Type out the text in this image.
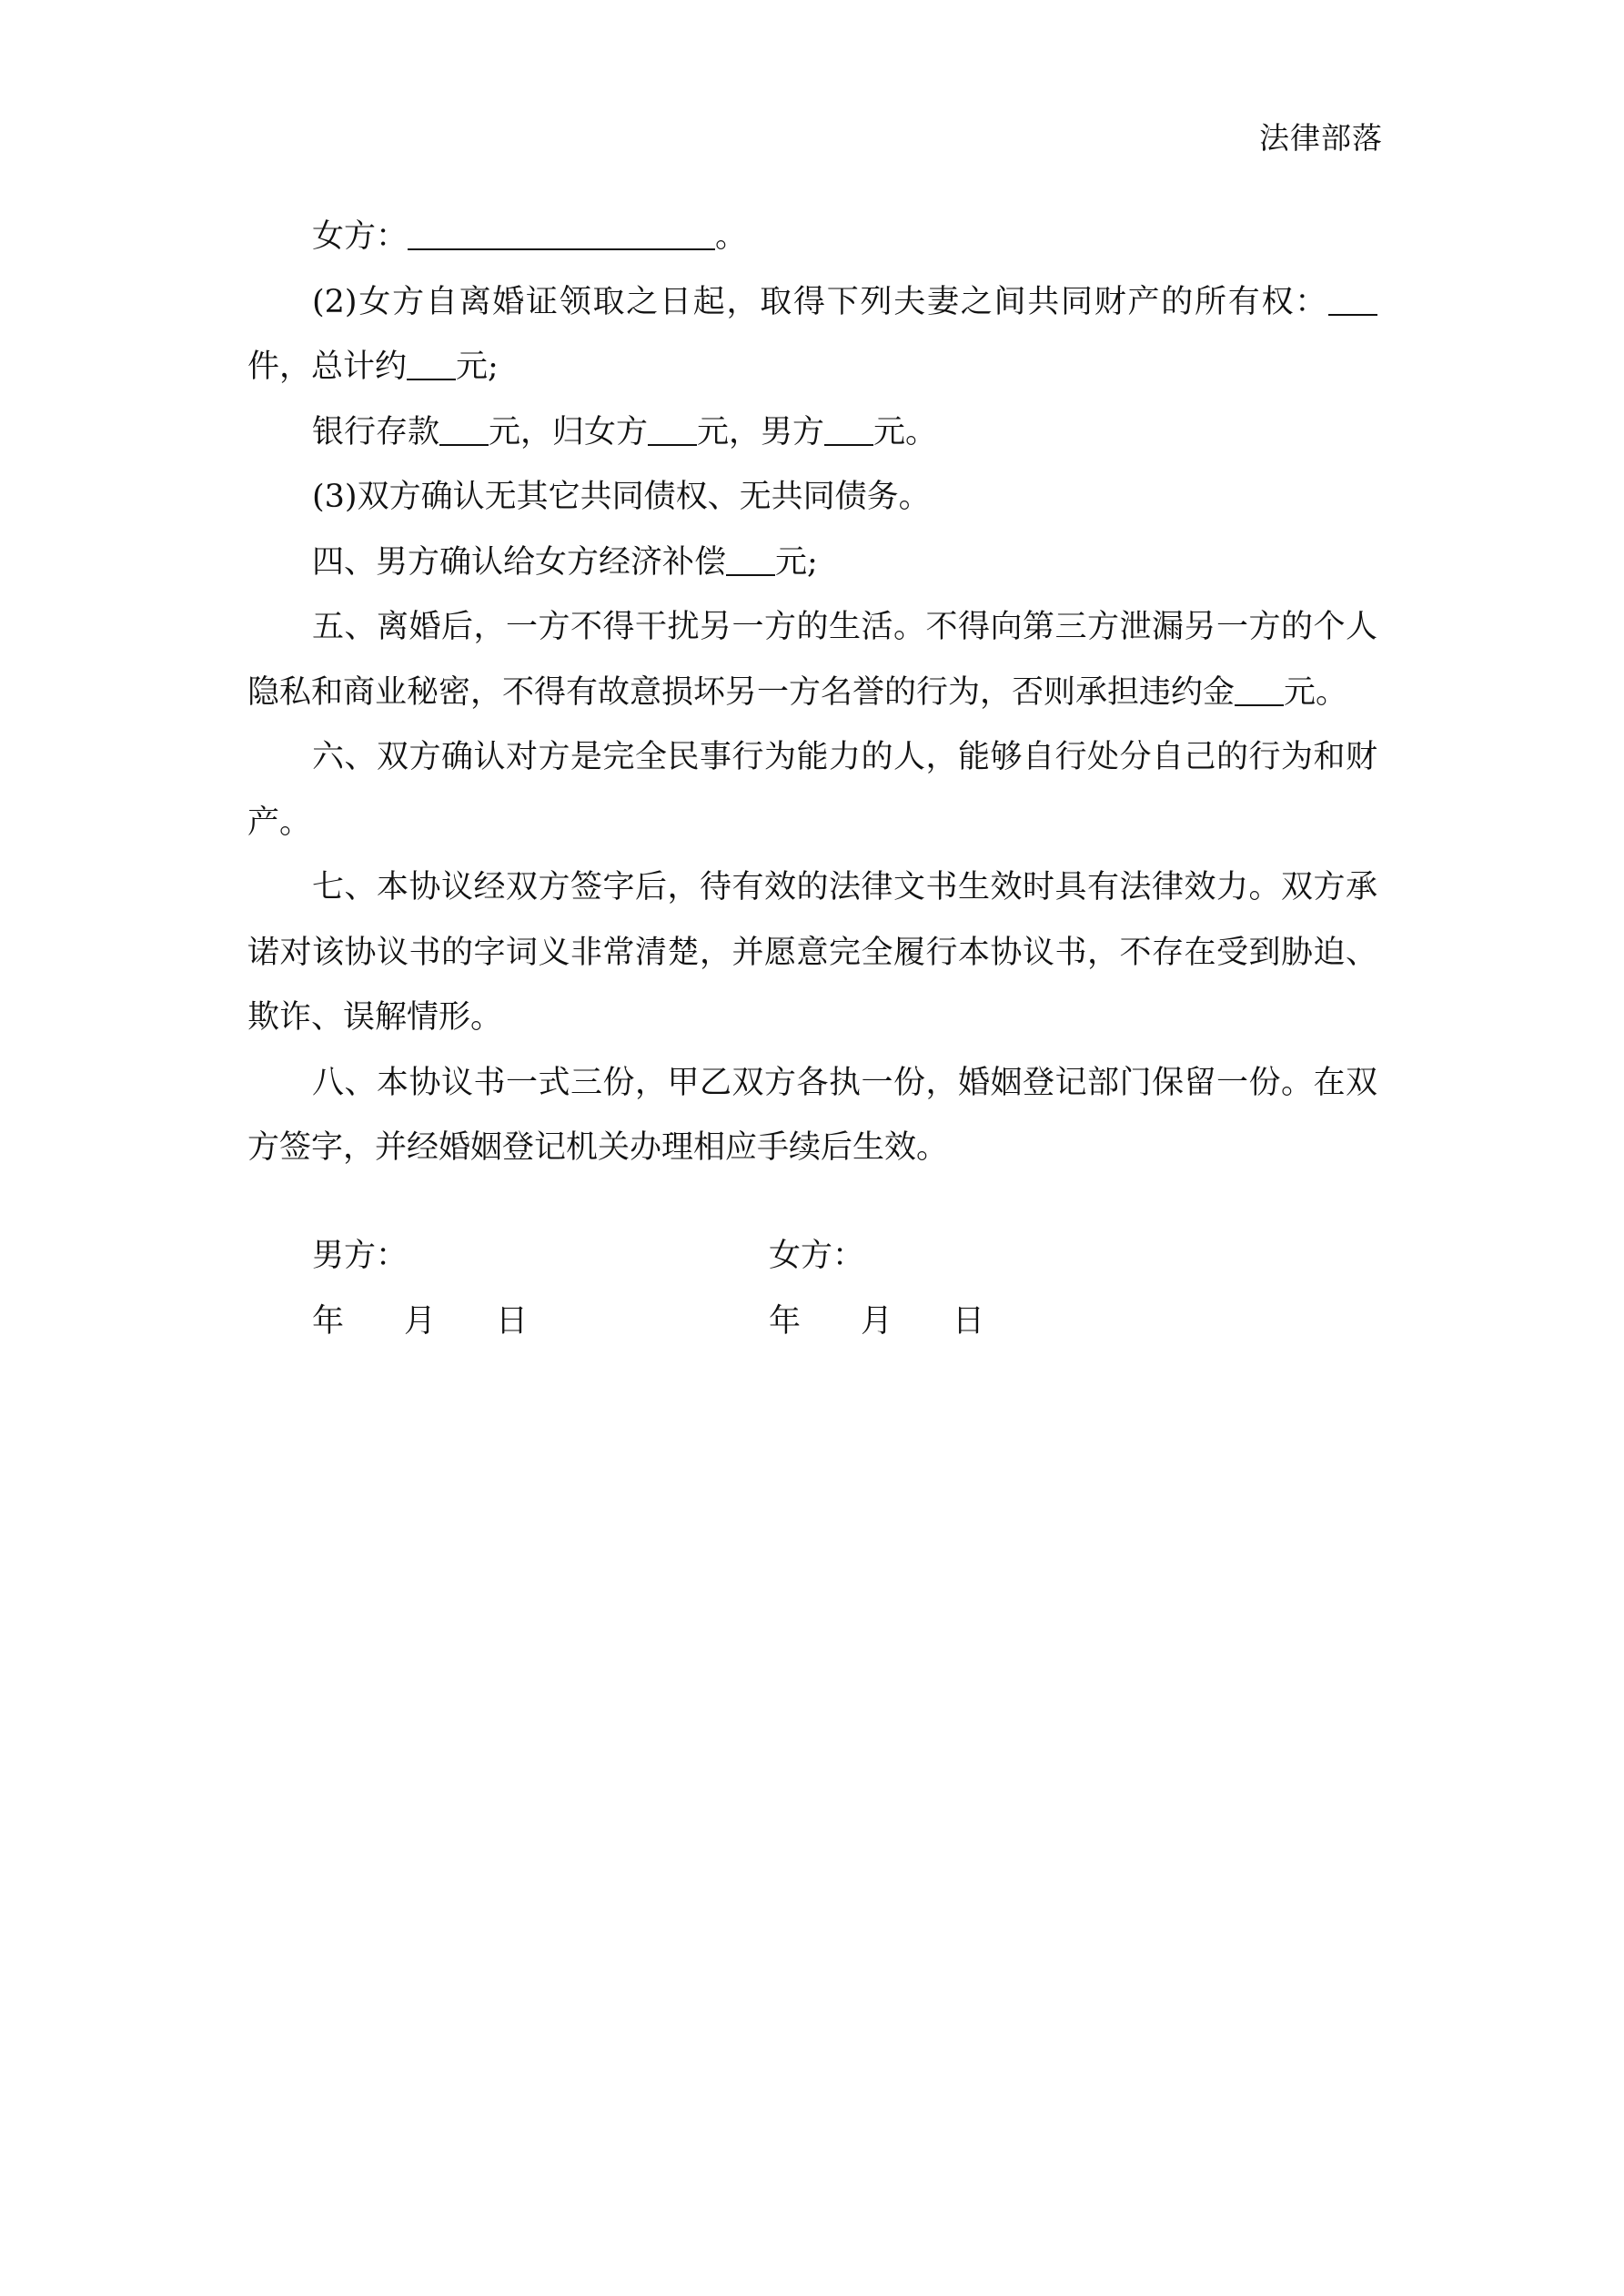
法律部落

女方：	。

(2)女方自离婚证领取之日起，取得下列夫妻之间共同财产的所有权：件，总计约 元;

银行存款 元，归女方 元，男方 元。

(3)双方确认无其它共同债权、无共同债务。

四、男方确认给女方经济补偿 元;

五、离婚后，一方不得干扰另一方的生活。不得向第三方泄漏另一方的个人隐私和商业秘密，不得有故意损坏另一方名誉的行为，否则承担违约金 元。

六、双方确认对方是完全民事行为能力的人，能够自行处分自己的行为和财产。

七、本协议经双方签字后，待有效的法律文书生效时具有法律效力。双方承诺对该协议书的字词义非常清楚，并愿意完全履行本协议书，不存在受到胁迫、欺诈、误解情形。

八、本协议书一式三份，甲乙双方各执一份，婚姻登记部门保留一份。在双方签字，并经婚姻登记机关办理相应手续后生效。

男方：	女方：
年 月 日	年 月 日
